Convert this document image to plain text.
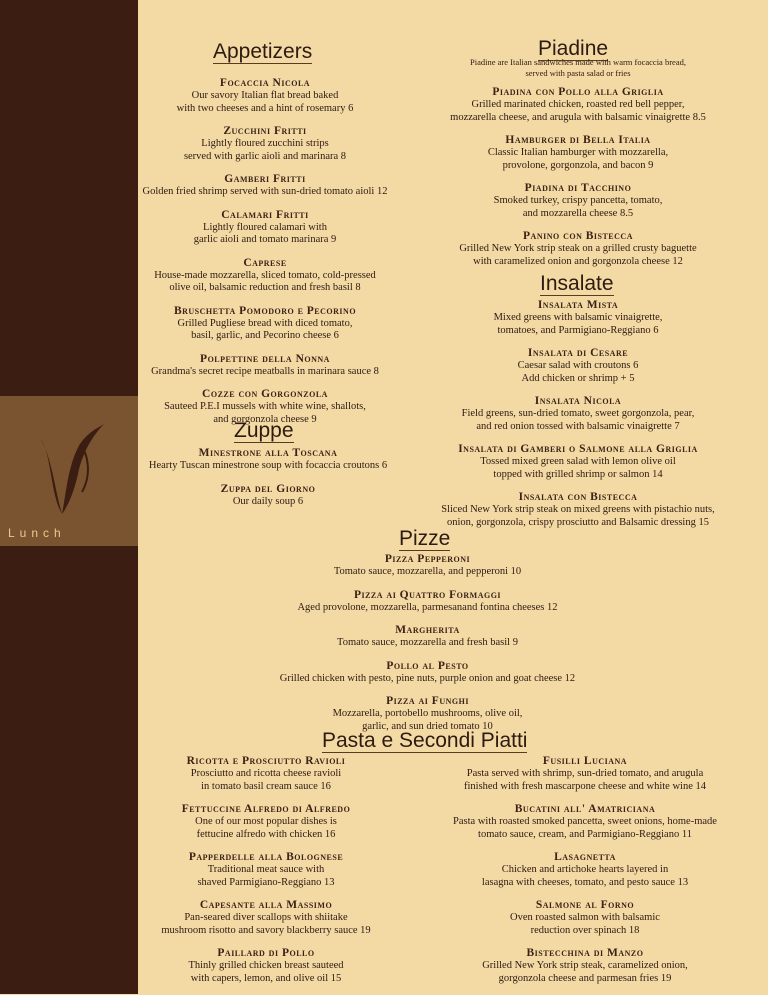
Lunch
Appetizers
Focaccia Nicola
Our savory Italian flat bread baked
with two cheeses and a hint of rosemary 6
Zucchini Fritti
Lightly floured zucchini strips
served with garlic aioli and marinara 8
Gamberi Fritti
Golden fried shrimp served with sun-dried tomato aioli 12
Calamari Fritti
Lightly floured calamari with
garlic aioli and tomato marinara 9
Caprese
House-made mozzarella, sliced tomato, cold-pressed
olive oil, balsamic reduction and fresh basil 8
Bruschetta Pomodoro e Pecorino
Grilled Pugliese bread with diced tomato,
basil, garlic, and Pecorino cheese 6
Polpettine della Nonna
Grandma's secret recipe meatballs in marinara sauce 8
Cozze con Gorgonzola
Sauteed P.E.I mussels with white wine, shallots,
and gorgonzola cheese 9
Zuppe
Minestrone alla Toscana
Hearty Tuscan minestrone soup with focaccia croutons 6
Zuppa del Giorno
Our daily soup 6
Piadine
Piadine are Italian sandwiches made with warm focaccia bread,
served with pasta salad or fries
Piadina con Pollo alla Griglia
Grilled marinated chicken, roasted red bell pepper,
mozzarella cheese, and arugula with balsamic vinaigrette 8.5
Hamburger di Bella Italia
Classic Italian hamburger with mozzarella,
provolone, gorgonzola, and bacon 9
Piadina di Tacchino
Smoked turkey, crispy pancetta, tomato,
and mozzarella cheese 8.5
Panino con Bistecca
Grilled New York strip steak on a grilled crusty baguette
with caramelized onion and gorgonzola cheese 12
Insalate
Insalata Mista
Mixed greens with balsamic vinaigrette,
tomatoes, and Parmigiano-Reggiano 6
Insalata di Cesare
Caesar salad with croutons 6
Add chicken or shrimp + 5
Insalata Nicola
Field greens, sun-dried tomato, sweet gorgonzola, pear,
and red onion tossed with balsamic vinaigrette 7
Insalata di Gamberi o Salmone alla Griglia
Tossed mixed green salad with lemon olive oil
topped with grilled shrimp or salmon 14
Insalata con Bistecca
Sliced New York strip steak on mixed greens with pistachio nuts,
onion, gorgonzola, crispy prosciutto and Balsamic dressing 15
Pizze
Pizza Pepperoni
Tomato sauce, mozzarella, and pepperoni 10
Pizza ai Quattro Formaggi
Aged provolone, mozzarella, parmesanand fontina cheeses 12
Margherita
Tomato sauce, mozzarella and fresh basil 9
Pollo al Pesto
Grilled chicken with pesto, pine nuts, purple onion and goat cheese 12
Pizza ai Funghi
Mozzarella, portobello mushrooms, olive oil,
garlic, and sun dried tomato 10
Pasta e Secondi Piatti
Ricotta e Prosciutto Ravioli
Prosciutto and ricotta cheese ravioli
in tomato basil cream sauce 16
Fettuccine Alfredo di Alfredo
One of our most popular dishes is
fettucine alfredo with chicken 16
Papperdelle alla Bolognese
Traditional meat sauce with
shaved Parmigiano-Reggiano 13
Capesante alla Massimo
Pan-seared diver scallops with shiitake
mushroom risotto and savory blackberry sauce 19
Paillard di Pollo
Thinly grilled chicken breast sauteed
with capers, lemon, and olive oil 15
Fusilli Luciana
Pasta served with shrimp, sun-dried tomato, and arugula
finished with fresh mascarpone cheese and white wine 14
Bucatini all' Amatriciana
Pasta with roasted smoked pancetta, sweet onions, home-made
tomato sauce, cream, and Parmigiano-Reggiano 11
Lasagnetta
Chicken and artichoke hearts layered in
lasagna with cheeses, tomato, and pesto sauce 13
Salmone al Forno
Oven roasted salmon with balsamic
reduction over spinach 18
Bistecchina di Manzo
Grilled New York strip steak, caramelized onion,
gorgonzola cheese and parmesan fries 19
